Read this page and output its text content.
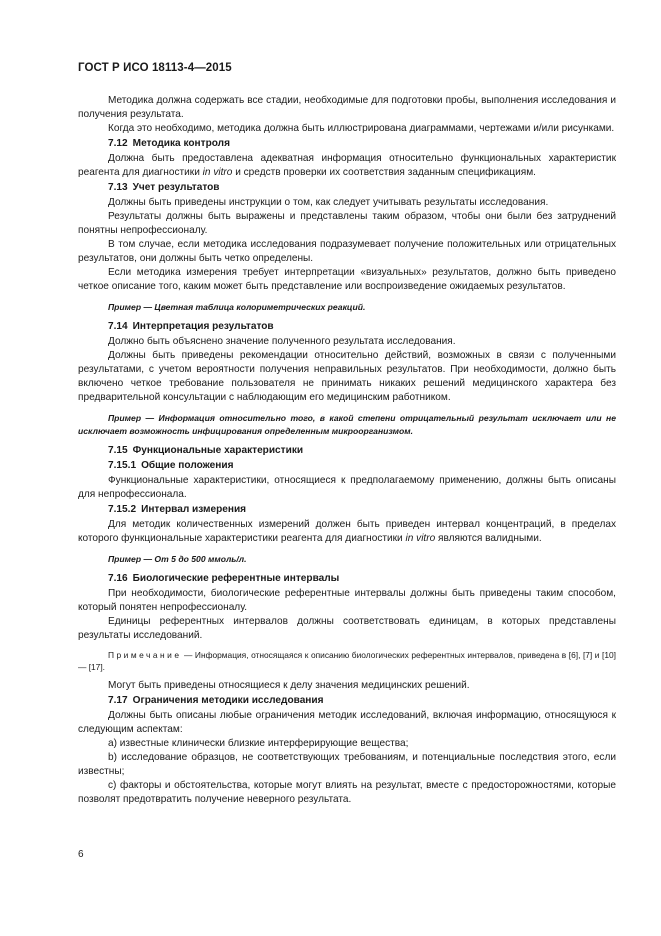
ГОСТ Р ИСО 18113-4—2015

Методика должна содержать все стадии, необходимые для подготовки пробы, выполнения исследования и получения результата.

Когда это необходимо, методика должна быть иллюстрирована диаграммами, чертежами и/или рисунками.

7.12 Методика контроля

Должна быть предоставлена адекватная информация относительно функциональных характеристик реагента для диагностики in vitro и средств проверки их соответствия заданным спецификациям.

7.13 Учет результатов

Должны быть приведены инструкции о том, как следует учитывать результаты исследования.

Результаты должны быть выражены и представлены таким образом, чтобы они были без затруднений понятны непрофессионалу.

В том случае, если методика исследования подразумевает получение положительных или отрицательных результатов, они должны быть четко определены.

Если методика измерения требует интерпретации «визуальных» результатов, должно быть приведено четкое описание того, каким может быть представление или воспроизведение ожидаемых результатов.

Пример — Цветная таблица колориметрических реакций.

7.14 Интерпретация результатов

Должно быть объяснено значение полученного результата исследования.

Должны быть приведены рекомендации относительно действий, возможных в связи с полученными результатами, с учетом вероятности получения неправильных результатов. При необходимости, должно быть включено четкое требование пользователя не принимать никаких решений медицинского характера без предварительной консультации с наблюдающим его медицинским работником.

Пример — Информация относительно того, в какой степени отрицательный результат исключает или не исключает возможность инфицирования определенным микроорганизмом.

7.15 Функциональные характеристики
7.15.1 Общие положения

Функциональные характеристики, относящиеся к предполагаемому применению, должны быть описаны для непрофессионала.

7.15.2 Интервал измерения

Для методик количественных измерений должен быть приведен интервал концентраций, в пределах которого функциональные характеристики реагента для диагностики in vitro являются валидными.

Пример — От 5 до 500 ммоль/л.

7.16 Биологические референтные интервалы

При необходимости, биологические референтные интервалы должны быть приведены таким способом, который понятен непрофессионалу.

Единицы референтных интервалов должны соответствовать единицам, в которых представлены результаты исследований.

Примечание — Информация, относящаяся к описанию биологических референтных интервалов, приведена в [6], [7] и [10] — [17].

Могут быть приведены относящиеся к делу значения медицинских решений.

7.17 Ограничения методики исследования

Должны быть описаны любые ограничения методик исследований, включая информацию, относящуюся к следующим аспектам:

а) известные клинически близкие интерферирующие вещества;

b) исследование образцов, не соответствующих требованиям, и потенциальные последствия этого, если известны;

с) факторы и обстоятельства, которые могут влиять на результат, вместе с предосторожностями, которые позволят предотвратить получение неверного результата.

6
